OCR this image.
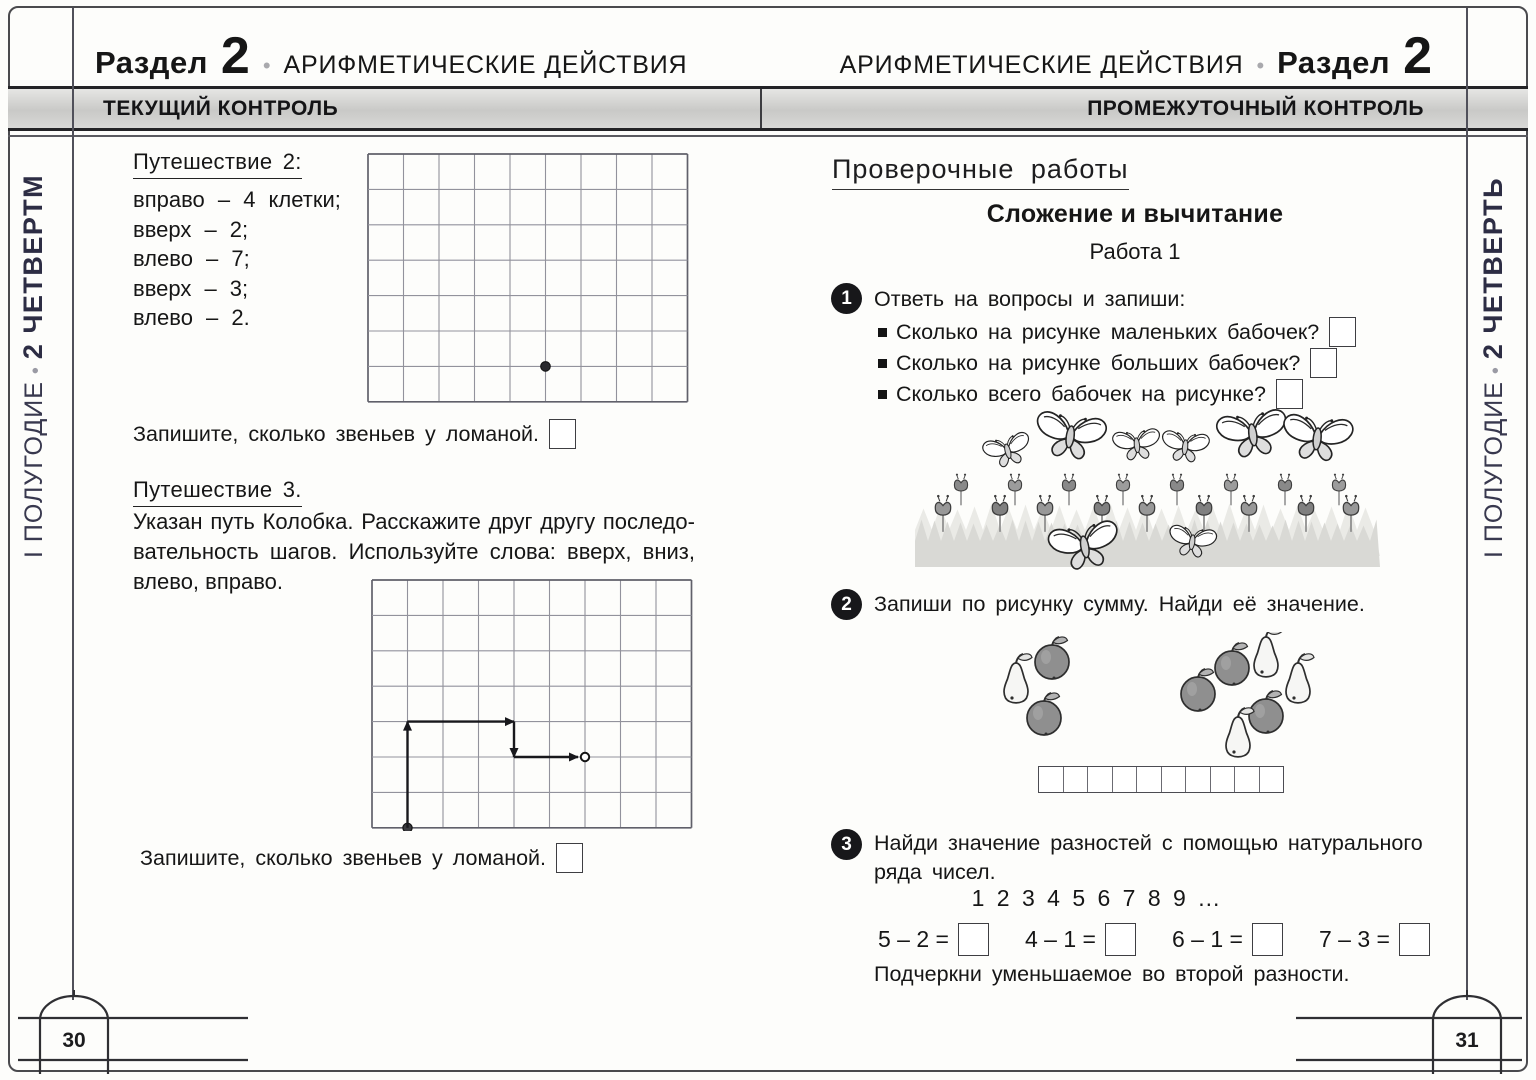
Раздел 2 • АРИФМЕТИЧЕСКИЕ ДЕЙСТВИЯ	АРИФМЕТИЧЕСКИЕ ДЕЙСТВИЯ • Раздел 2
ТЕКУЩИЙ КОНТРОЛЬ	ПРОМЕЖУТОЧНЫЙ КОНТРОЛЬ
I ПОЛУГОДИЕ•2 ЧЕТВЕРТМ
I ПОЛУГОДИЕ•2 ЧЕТВЕРТЬ
Путешествие 2:
вправо – 4 клетки;
вверх – 2;
влево – 7;
вверх – 3;
влево – 2.
Запишите, сколько звеньев у ломаной.
Путешествие 3.
Указан путь Колобка. Расскажите друг другу последо-
вательность шагов. Используйте слова: вверх, вниз,
влево, вправо.
Запишите, сколько звеньев у ломаной.
Проверочные работы
Сложение и вычитание
Работа 1
1	Ответь на вопросы и запиши:
Сколько на рисунке маленьких бабочек?
Сколько на рисунке больших бабочек?
Сколько всего бабочек на рисунке?
2	Запиши по рисунку сумму. Найди её значение.
3	Найди значение разностей с помощью натурального
ряда чисел.
1 2 3 4 5 6 7 8 9 ...
5 – 2 =	4 – 1 =	6 – 1 =	7 – 3 =
Подчеркни уменьшаемое во второй разности.
30	31
